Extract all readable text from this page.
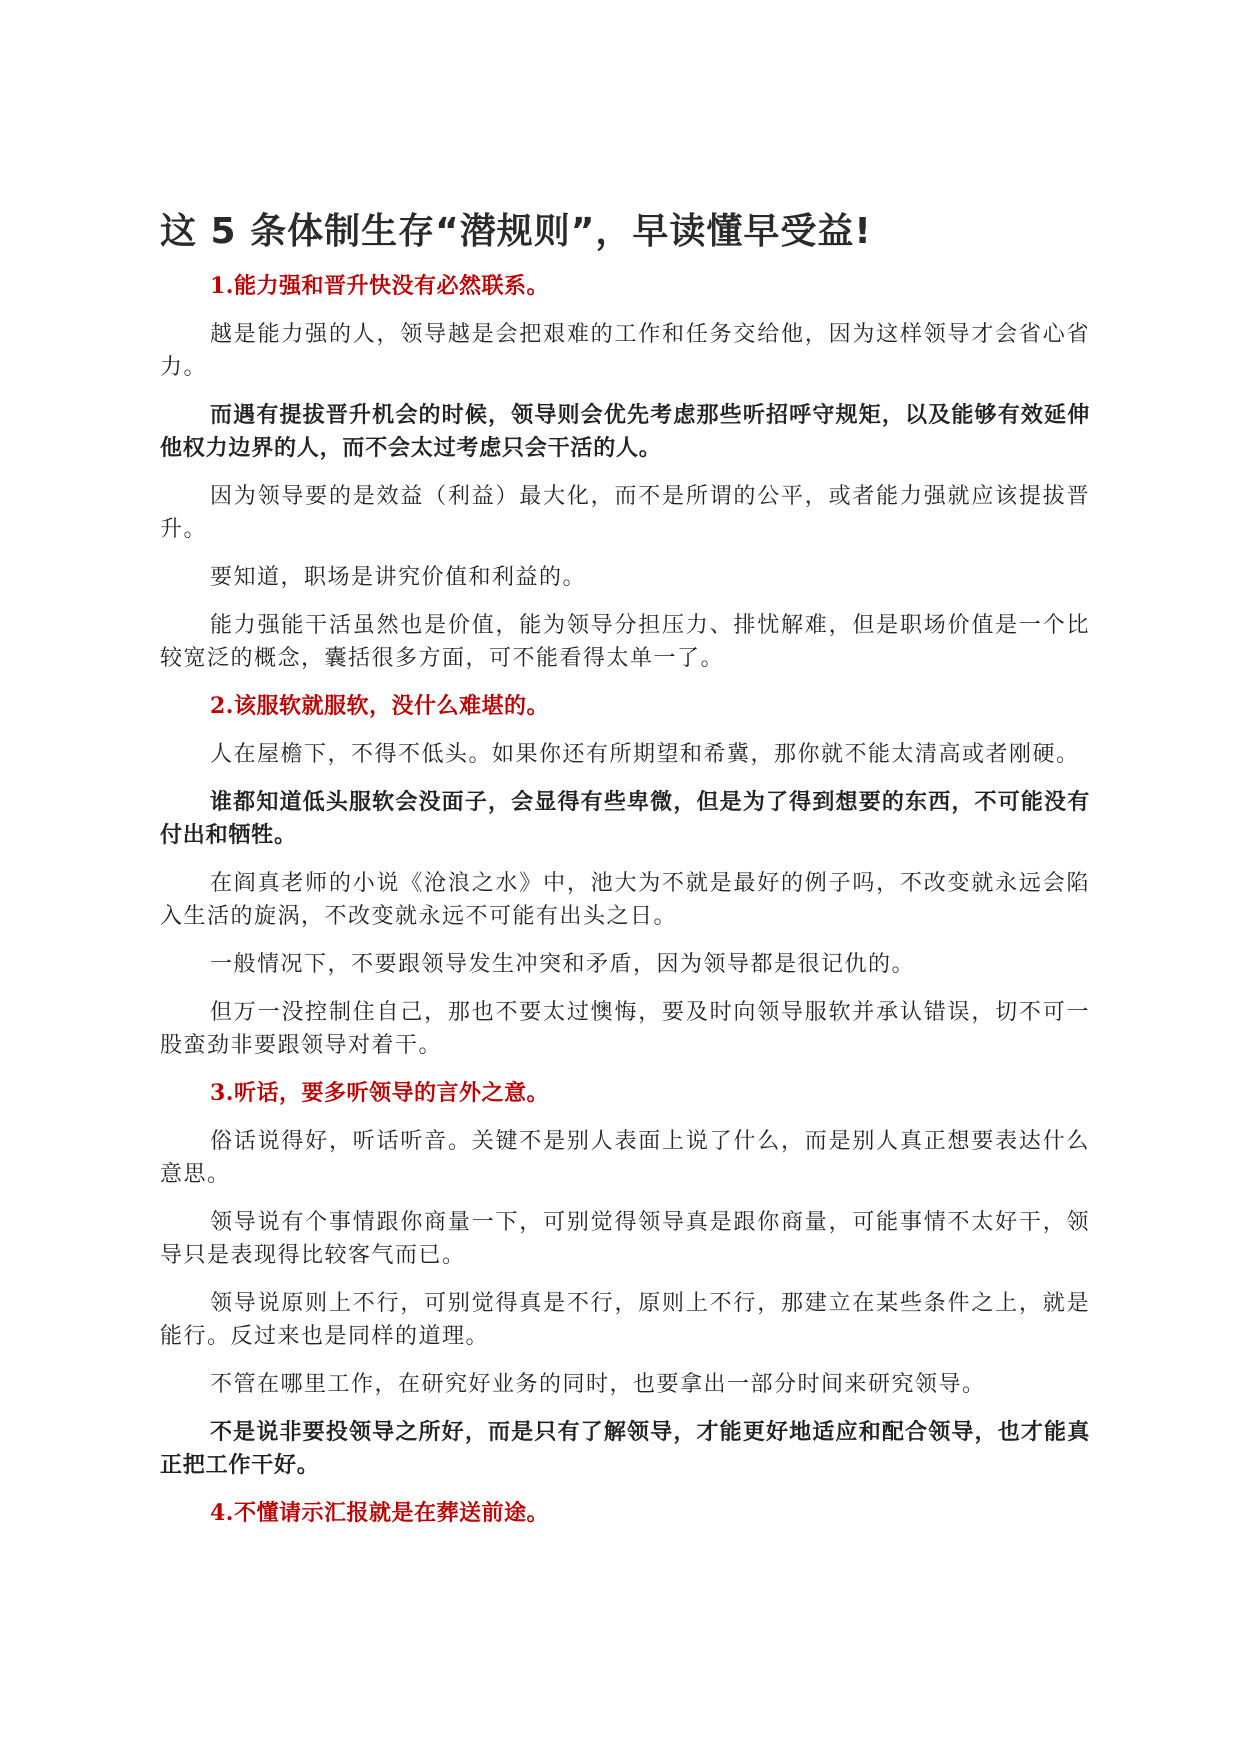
这 5 条体制生存“潜规则”，早读懂早受益!

1.能力强和晋升快没有必然联系。

越是能力强的人，领导越是会把艰难的工作和任务交给他，因为这样领导才会省心省力。

而遇有提拔晋升机会的时候，领导则会优先考虑那些听招呼守规矩，以及能够有效延伸他权力边界的人，而不会太过考虑只会干活的人。

因为领导要的是效益（利益）最大化，而不是所谓的公平，或者能力强就应该提拔晋升。

要知道，职场是讲究价值和利益的。

能力强能干活虽然也是价值，能为领导分担压力、排忧解难，但是职场价值是一个比较宽泛的概念，囊括很多方面，可不能看得太单一了。

2.该服软就服软，没什么难堪的。

人在屋檐下，不得不低头。如果你还有所期望和希冀，那你就不能太清高或者刚硬。

谁都知道低头服软会没面子，会显得有些卑微，但是为了得到想要的东西，不可能没有付出和牺牲。

在阎真老师的小说《沧浪之水》中，池大为不就是最好的例子吗，不改变就永远会陷入生活的旋涡，不改变就永远不可能有出头之日。

一般情况下，不要跟领导发生冲突和矛盾，因为领导都是很记仇的。

但万一没控制住自己，那也不要太过懊悔，要及时向领导服软并承认错误，切不可一股蛮劲非要跟领导对着干。

3.听话，要多听领导的言外之意。

俗话说得好，听话听音。关键不是别人表面上说了什么，而是别人真正想要表达什么意思。

领导说有个事情跟你商量一下，可别觉得领导真是跟你商量，可能事情不太好干，领导只是表现得比较客气而已。

领导说原则上不行，可别觉得真是不行，原则上不行，那建立在某些条件之上，就是能行。反过来也是同样的道理。

不管在哪里工作，在研究好业务的同时，也要拿出一部分时间来研究领导。

不是说非要投领导之所好，而是只有了解领导，才能更好地适应和配合领导，也才能真正把工作干好。

4.不懂请示汇报就是在葬送前途。
